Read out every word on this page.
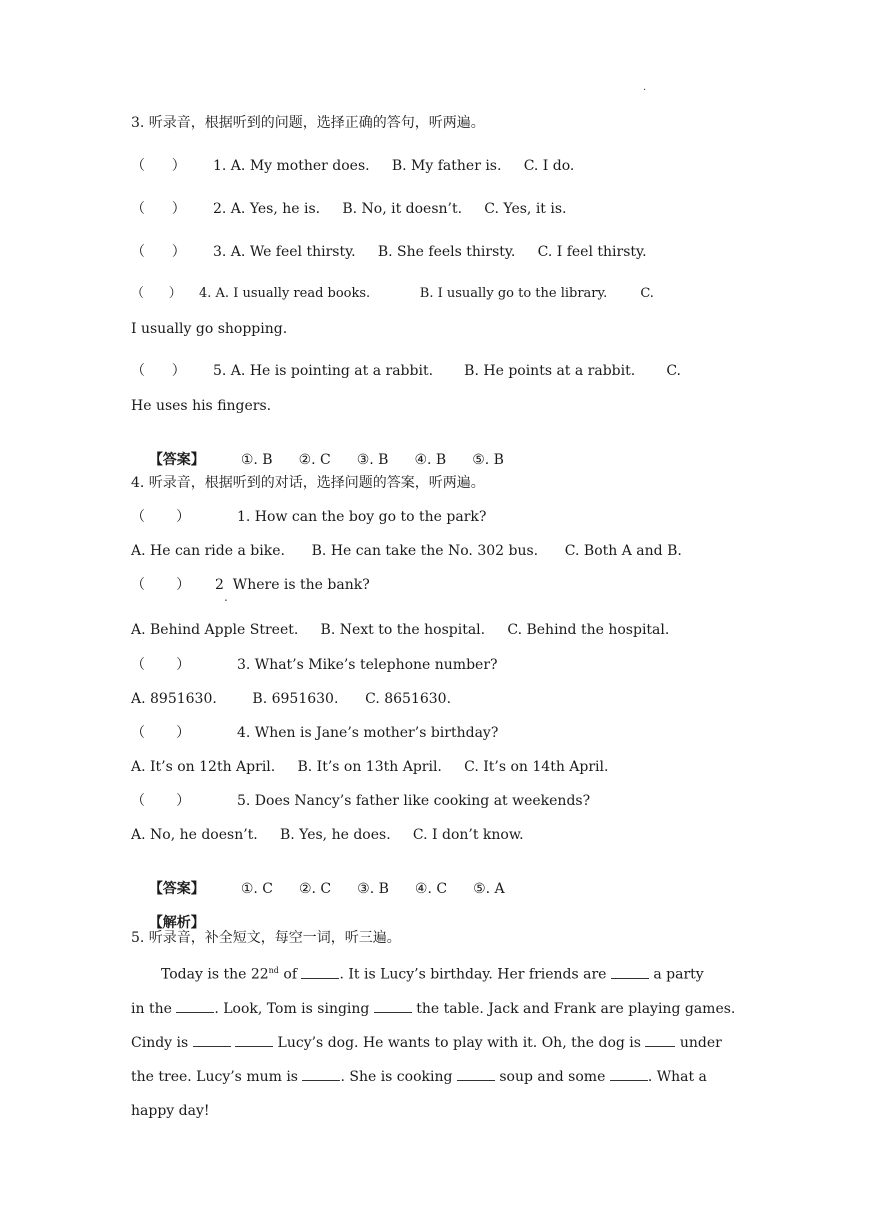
.
3. 听录音，根据听到的问题，选择正确的答句，听两遍。
（      ）	1. A. My mother does.     B. My father is.     C. I do.
（      ）	2. A. Yes, he is.     B. No, it doesn’t.     C. Yes, it is.
（      ）	3. A. We feel thirsty.     B. She feels thirsty.     C. I feel thirsty.
（      ）	4. A. I usually read books.            B. I usually go to the library.        C.
I usually go shopping.
（      ）	5. A. He is pointing at a rabbit.       B. He points at a rabbit.       C.
He uses his fingers.

【答案】	①. B ②. C ③. B ④. B ⑤. B

4. 听录音，根据听到的对话，选择问题的答案，听两遍。
（       ）	1. How can the boy go to the park?
A. He can ride a bike.      B. He can take the No. 302 bus.      C. Both A and B.
（       ）	2  Where is the bank?
.
A. Behind Apple Street.     B. Next to the hospital.     C. Behind the hospital.
（       ）	3. What’s Mike’s telephone number?
A. 8951630.        B. 6951630.      C. 8651630.
（       ）	4. When is Jane’s mother’s birthday?
A. It’s on 12th April.     B. It’s on 13th April.     C. It’s on 14th April.
（       ）	5. Does Nancy’s father like cooking at weekends?
A. No, he doesn’t.     B. Yes, he does.     C. I don’t know.

【答案】	①. C ②. C ③. B ④. C ⑤. A

【解析】

5. 听录音，补全短文，每空一词，听三遍。
Today is the 22nd of	. It is Lucy’s birthday. Her friends are	a party
in the	. Look, Tom is singing	the table. Jack and Frank are playing games.
Cindy is	Lucy’s dog. He wants to play with it. Oh, the dog is  under
the tree. Lucy’s mum is	. She is cooking	soup and some	. What a
happy day!
